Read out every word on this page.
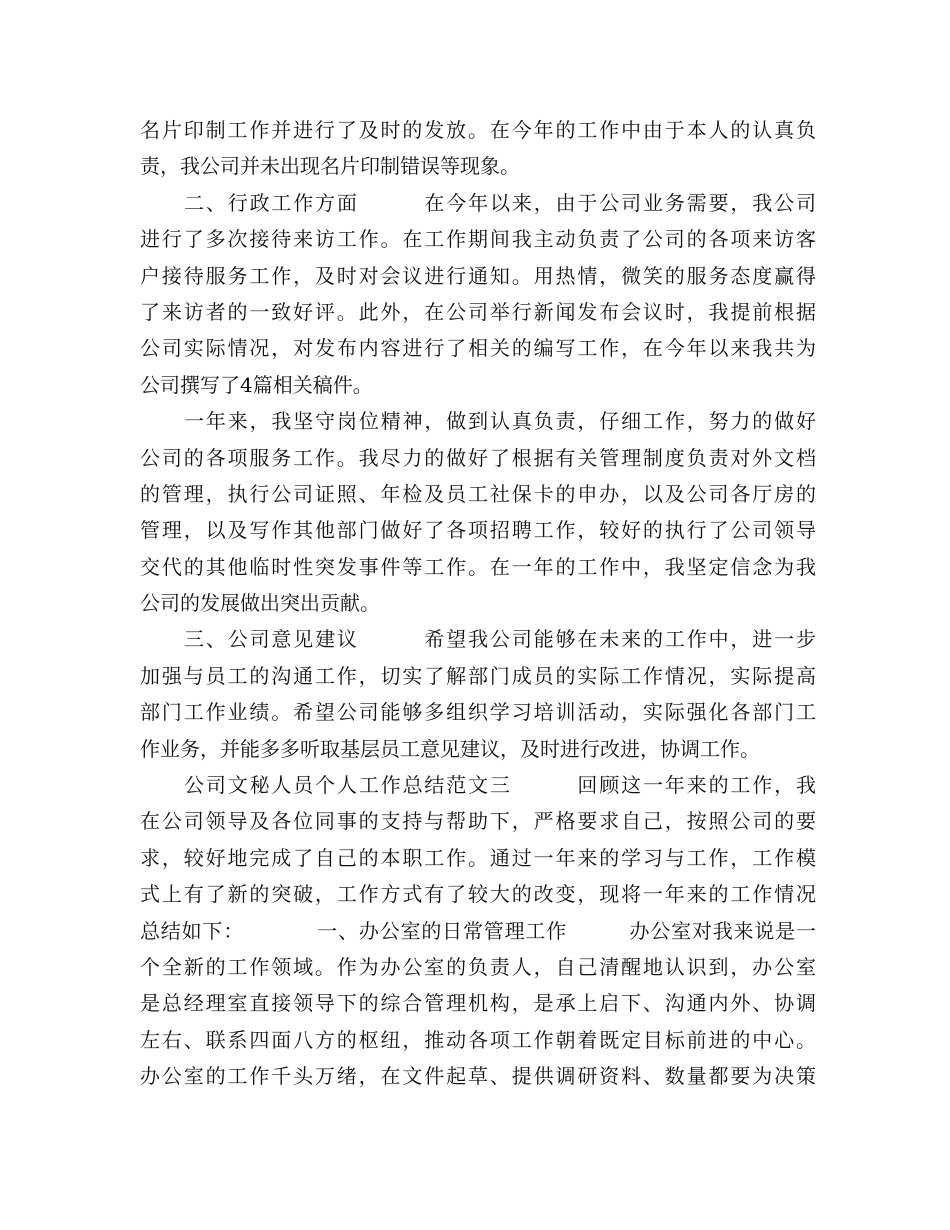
名片印制工作并进行了及时的发放。在今年的工作中由于本人的认真负
责，我公司并未出现名片印制错误等现象。
二、行政工作方面　　　在今年以来，由于公司业务需要，我公司
进行了多次接待来访工作。在工作期间我主动负责了公司的各项来访客
户接待服务工作，及时对会议进行通知。用热情，微笑的服务态度赢得
了来访者的一致好评。此外，在公司举行新闻发布会议时，我提前根据
公司实际情况，对发布内容进行了相关的编写工作，在今年以来我共为
公司撰写了4篇相关稿件。
一年来，我坚守岗位精神，做到认真负责，仔细工作，努力的做好
公司的各项服务工作。我尽力的做好了根据有关管理制度负责对外文档
的管理，执行公司证照、年检及员工社保卡的申办，以及公司各厅房的
管理，以及写作其他部门做好了各项招聘工作，较好的执行了公司领导
交代的其他临时性突发事件等工作。在一年的工作中，我坚定信念为我
公司的发展做出突出贡献。
三、公司意见建议　　　希望我公司能够在未来的工作中，进一步
加强与员工的沟通工作，切实了解部门成员的实际工作情况，实际提高
部门工作业绩。希望公司能够多组织学习培训活动，实际强化各部门工
作业务，并能多多听取基层员工意见建议，及时进行改进，协调工作。
公司文秘人员个人工作总结范文三　　　回顾这一年来的工作，我
在公司领导及各位同事的支持与帮助下，严格要求自己，按照公司的要
求，较好地完成了自己的本职工作。通过一年来的学习与工作，工作模
式上有了新的突破，工作方式有了较大的改变，现将一年来的工作情况
总结如下：　　　　一、办公室的日常管理工作　　　办公室对我来说是一
个全新的工作领域。作为办公室的负责人，自己清醒地认识到，办公室
是总经理室直接领导下的综合管理机构，是承上启下、沟通内外、协调
左右、联系四面八方的枢纽，推动各项工作朝着既定目标前进的中心。
办公室的工作千头万绪，在文件起草、提供调研资料、数量都要为决策
